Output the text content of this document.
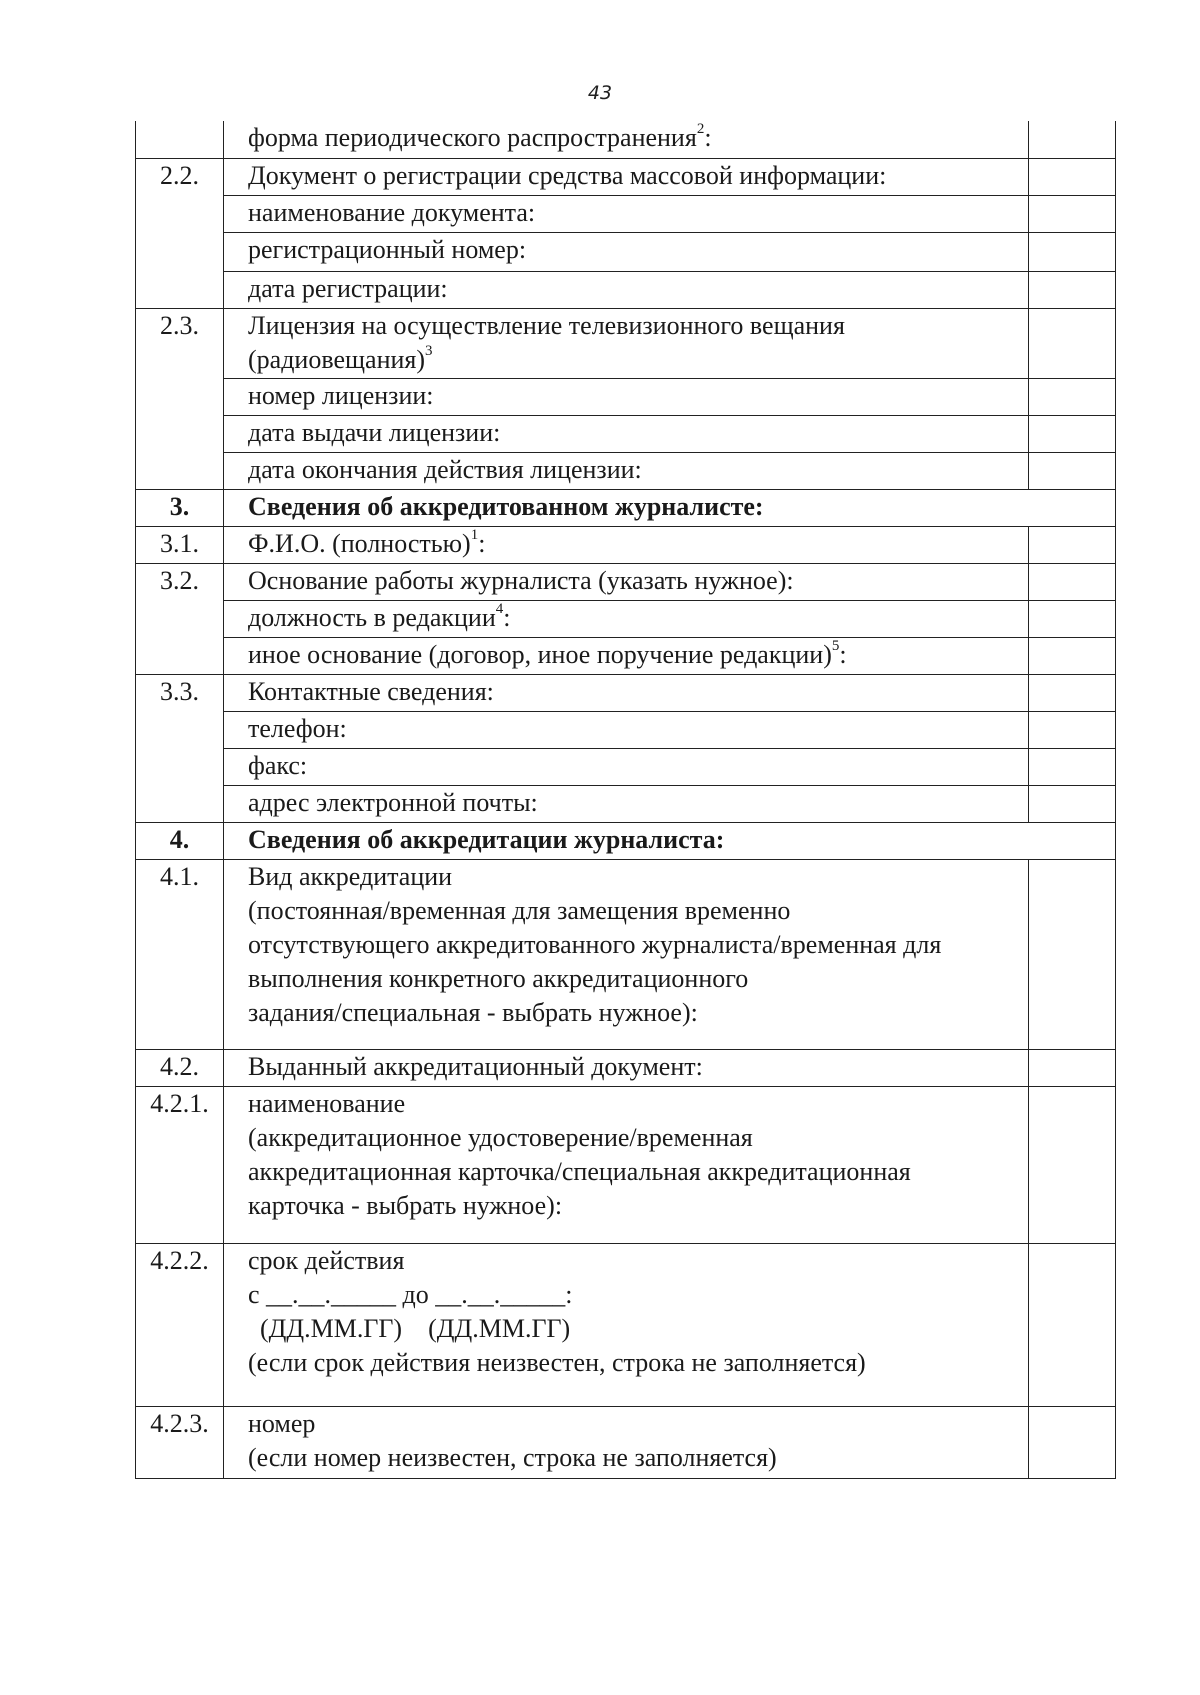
43
	форма периодического распространения$^2$:	
2.2.	Документ о регистрации средства массовой информации:	
	наименование документа:	
	регистрационный номер:	
	дата регистрации:	
2.3.	Лицензия на осуществление телевизионного вещания
(радиовещания)$^3$

	номер лицензии:	
	дата выдачи лицензии:	
	дата окончания действия лицензии:	
3.	Сведения об аккредитованном журналисте:	
3.1.	Ф.И.О. (полностью)$^1$:	
3.2.	Основание работы журналиста (указать нужное):	
	должность в редакции$^4$:	
	иное основание (договор, иное поручение редакции)$^5$:	
3.3.	Контактные сведения:	
	телефон:	
	факс:	
	адрес электронной почты:	
4.	Сведения об аккредитации журналиста:	
4.1.	Вид аккредитации
(постоянная/временная для замещения временно
отсутствующего аккредитованного журналиста/временная для
выполнения конкретного аккредитационного
задания/специальная - выбрать нужное):	

4.2.	Выданный аккредитационный документ:	
4.2.1.	наименование
(аккредитационное удостоверение/временная
аккредитационная карточка/специальная аккредитационная
карточка - выбрать нужное):	

4.2.2.	срок действия
с __.__._____ до __.__._____:
(ДД.ММ.ГГ)    (ДД.ММ.ГГ)
(если срок действия неизвестен, строка не заполняется)	

4.2.3.	номер
(если номер неизвестен, строка не заполняется)	
